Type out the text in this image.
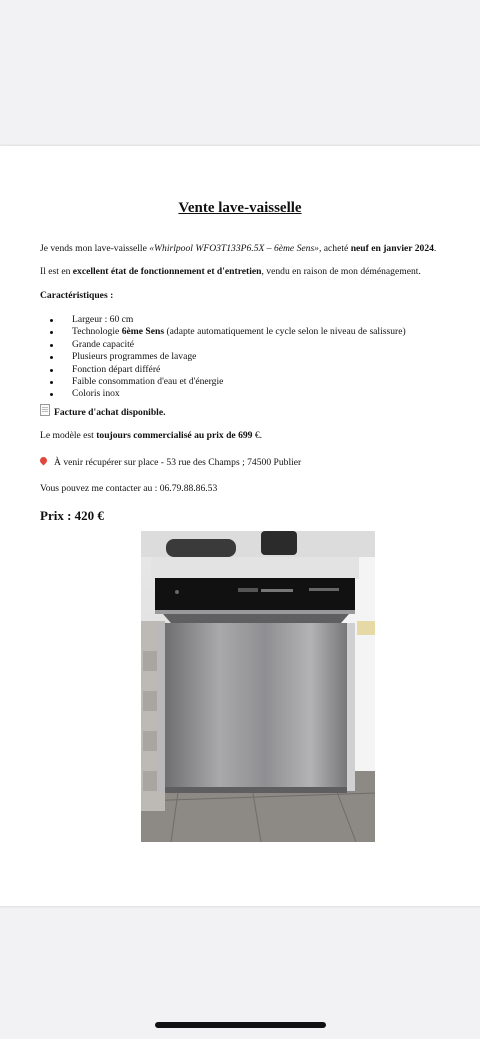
Vente lave-vaisselle
Je vends mon lave-vaisselle «Whirlpool WFO3T133P6.5X – 6ème Sens», acheté neuf en janvier 2024.
Il est en excellent état de fonctionnement et d'entretien, vendu en raison de mon déménagement.
Caractéristiques :
Largeur : 60 cm
Technologie 6ème Sens (adapte automatiquement le cycle selon le niveau de salissure)
Grande capacité
Plusieurs programmes de lavage
Fonction départ différé
Faible consommation d'eau et d'énergie
Coloris inox
Facture d'achat disponible.
Le modèle est toujours commercialisé au prix de 699 €.
À venir récupérer sur place - 53 rue des Champs ; 74500 Publier
Vous pouvez me contacter au : 06.79.88.86.53
Prix : 420 €
